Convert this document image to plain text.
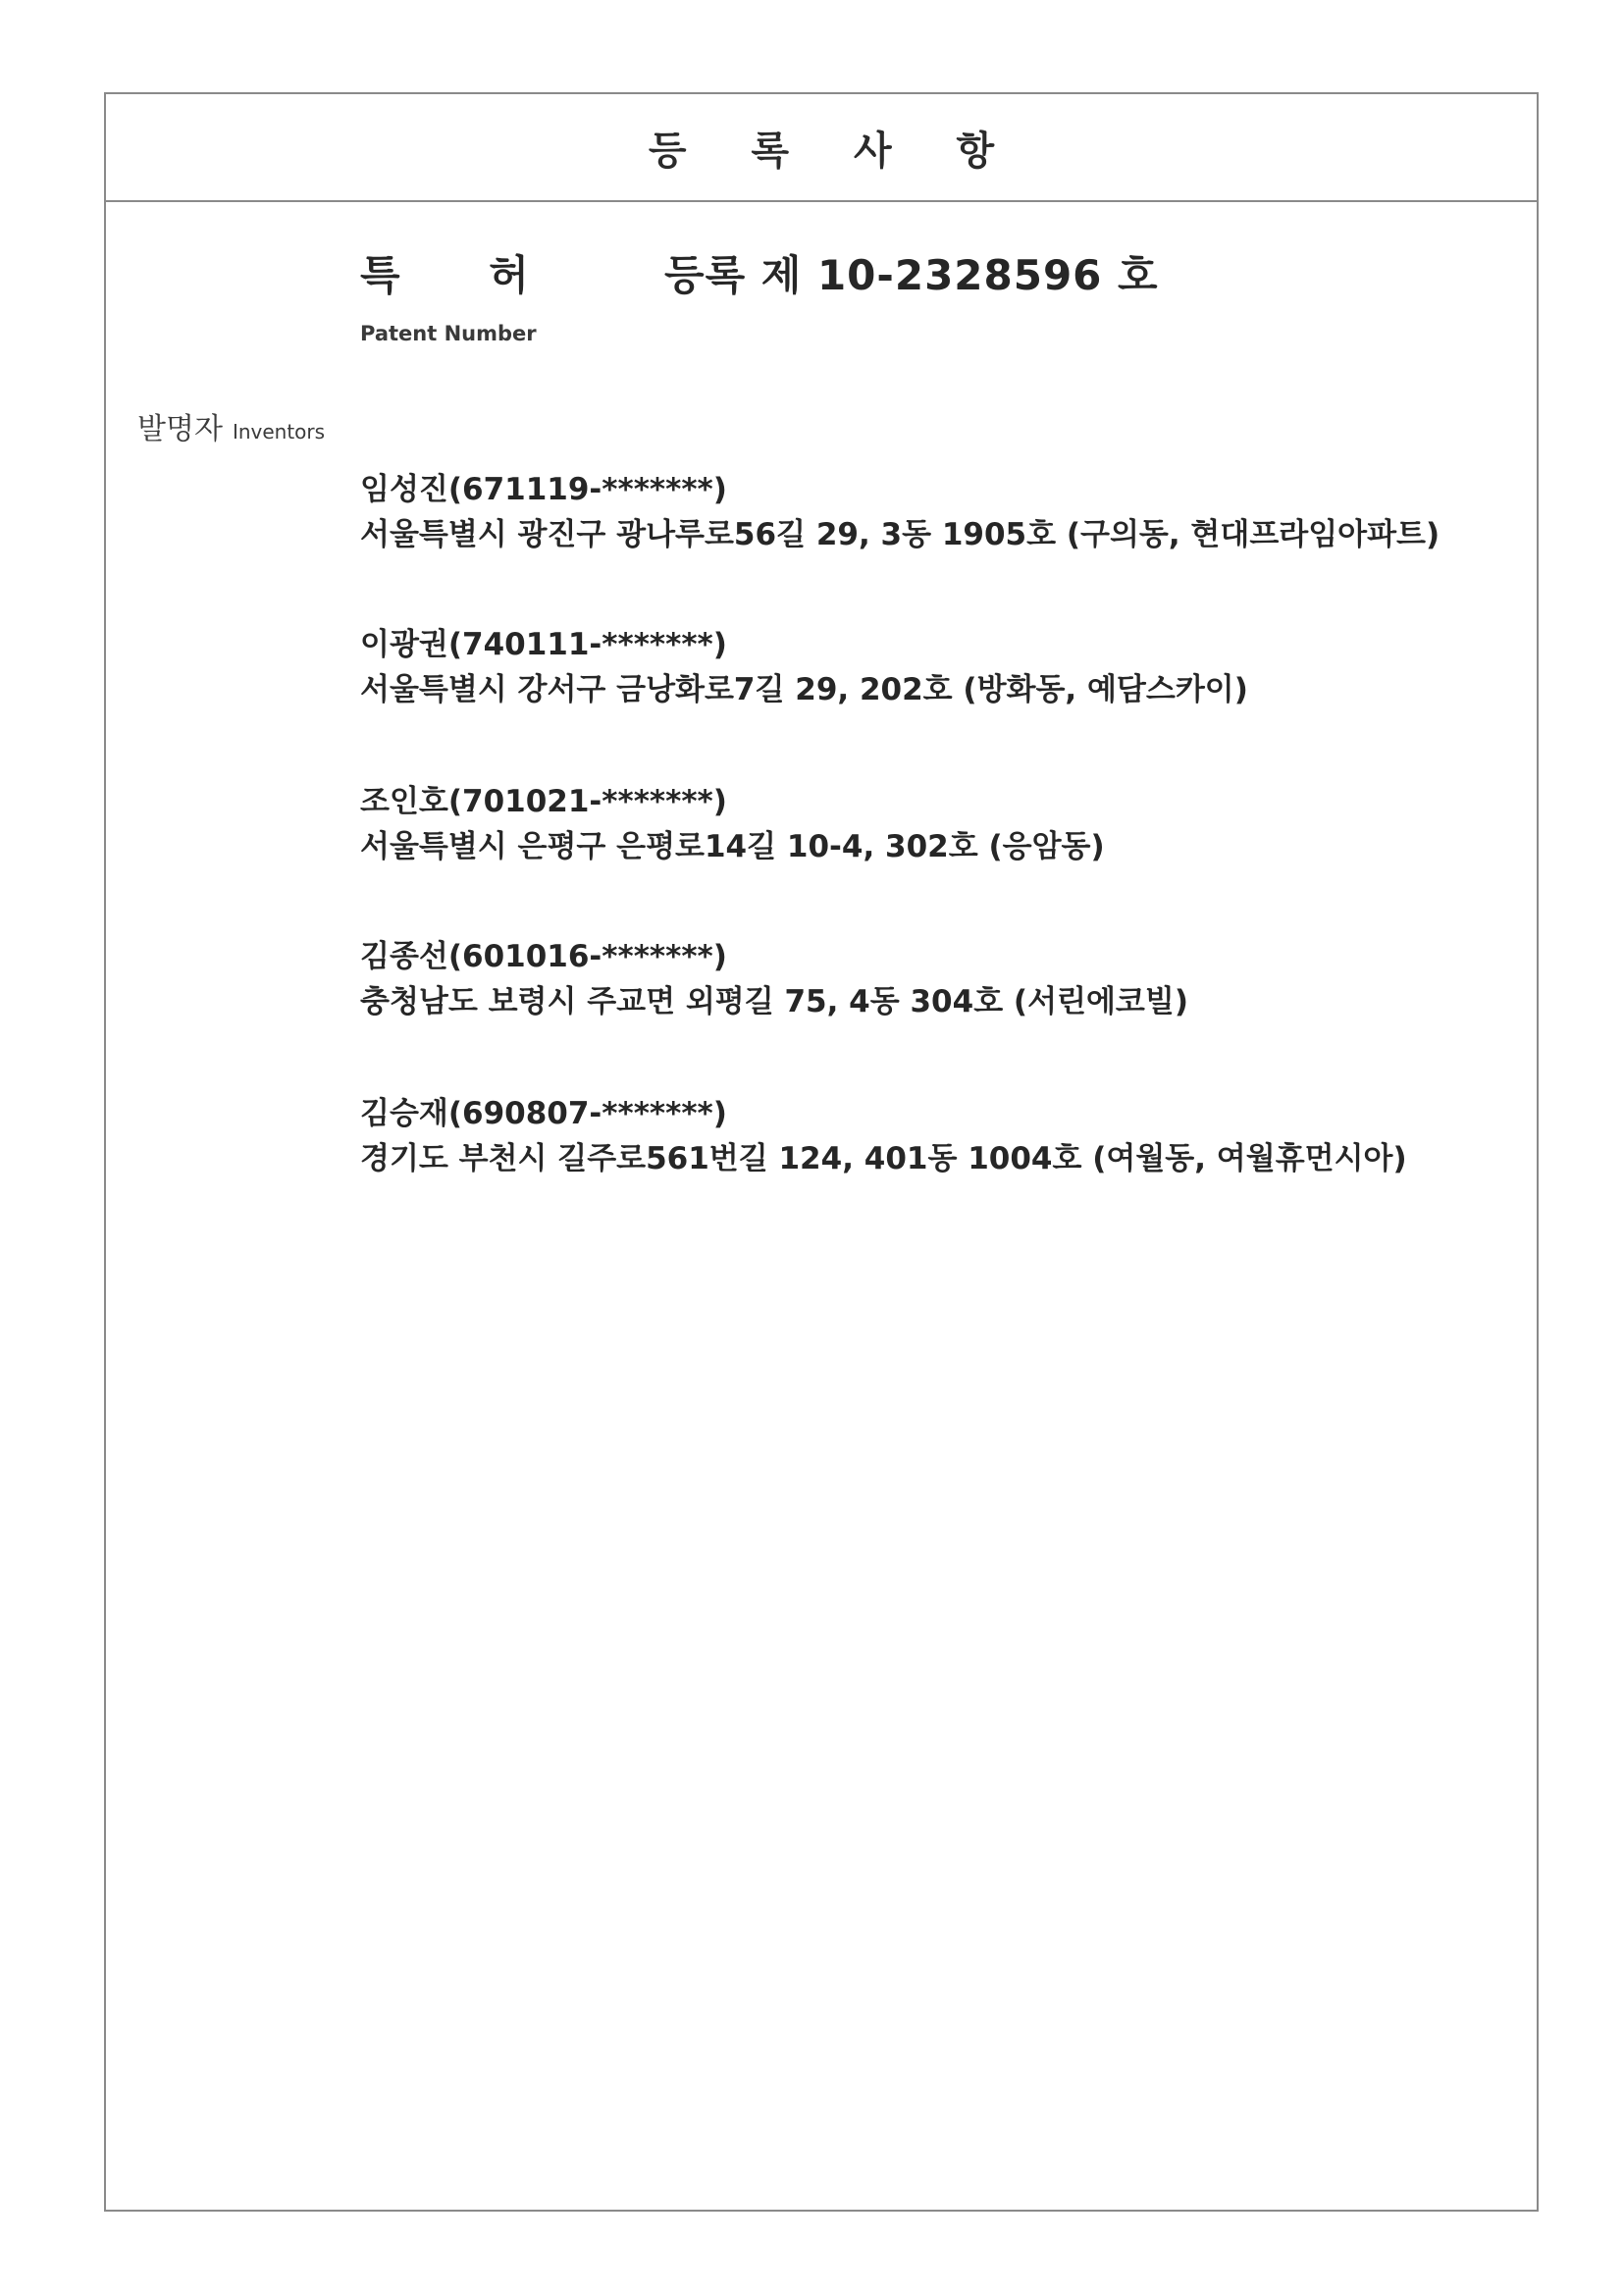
등 록 사 항
특 허	등록 제 10-2328596 호
Patent Number
발명자 Inventors
임성진(671119-*******)
서울특별시 광진구 광나루로56길 29, 3동 1905호 (구의동, 현대프라임아파트)
이광권(740111-*******)
서울특별시 강서구 금낭화로7길 29, 202호 (방화동, 예담스카이)
조인호(701021-*******)
서울특별시 은평구 은평로14길 10-4, 302호 (응암동)
김종선(601016-*******)
충청남도 보령시 주교면 외평길 75, 4동 304호 (서린에코빌)
김승재(690807-*******)
경기도 부천시 길주로561번길 124, 401동 1004호 (여월동, 여월휴먼시아)
